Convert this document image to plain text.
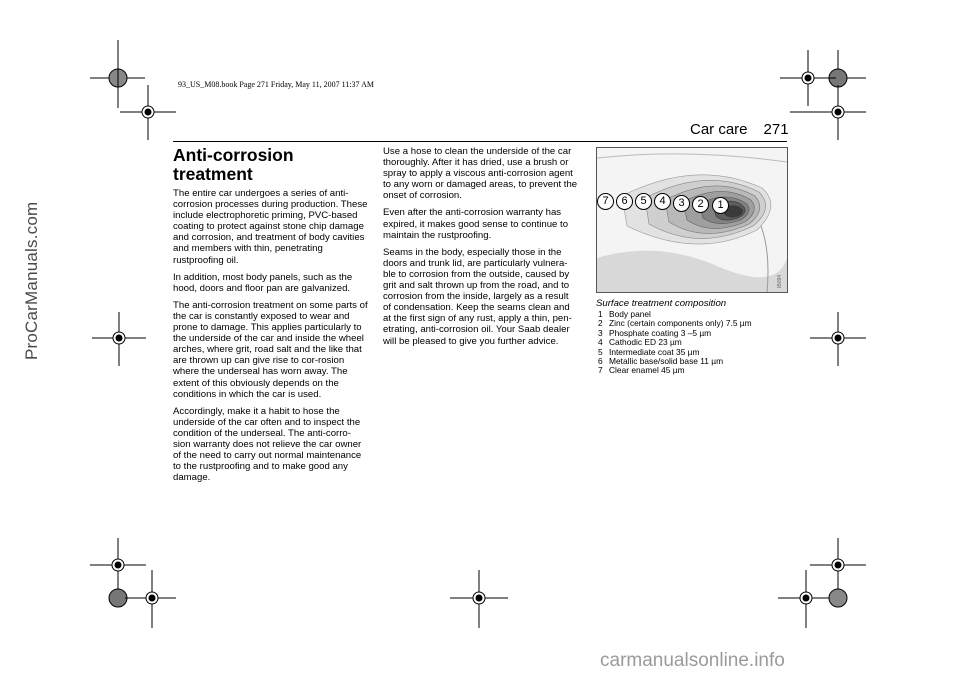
ProCarManuals.com
93_US_M08.book Page 271 Friday, May 11, 2007 11:37 AM
Car care 271
Anti-corrosion treatment

The entire car undergoes a series of anti-corrosion processes during production. These include electrophoretic priming, PVC-based coating to protect against stone chip damage and corrosion, and treatment of body cavities and members with thin, penetrating rustproofing oil.

In addition, most body panels, such as the hood, doors and floor pan are galvanized.

The anti-corrosion treatment on some parts of the car is constantly exposed to wear and prone to damage. This applies particularly to the underside of the car and inside the wheel arches, where grit, road salt and the like that are thrown up can give rise to cor-rosion where the underseal has worn away. The extent of this obviously depends on the conditions in which the car is used.

Accordingly, make it a habit to hose the underside of the car often and to inspect the condition of the underseal. The anti-corro-sion warranty does not relieve the car owner of the need to carry out normal maintenance to the rustproofing and to make good any damage.

Use a hose to clean the underside of the car thoroughly. After it has dried, use a brush or spray to apply a viscous anti-corrosion agent to any worn or damaged areas, to prevent the onset of corrosion.

Even after the anti-corrosion warranty has expired, it makes good sense to continue to maintain the rustproofing.

Seams in the body, especially those in the doors and trunk lid, are particularly vulnera-ble to corrosion from the outside, caused by grit and salt thrown up from the road, and to corrosion from the inside, largely as a result of condensation. Keep the seams clean and at the first sign of any rust, apply a thin, pen-etrating, anti-corrosion oil. Your Saab dealer will be pleased to give you further advice.

IB094
7	6	5	4	3	2	1
Surface treatment composition
1 Body panel
2 Zinc (certain components only) 7.5 µm
3 Phosphate coating 3 –5 µm
4 Cathodic ED 23 µm
5 Intermediate coat 35 µm
6 Metallic base/solid base 11 µm
7 Clear enamel 45 µm
carmanualsonline.info
